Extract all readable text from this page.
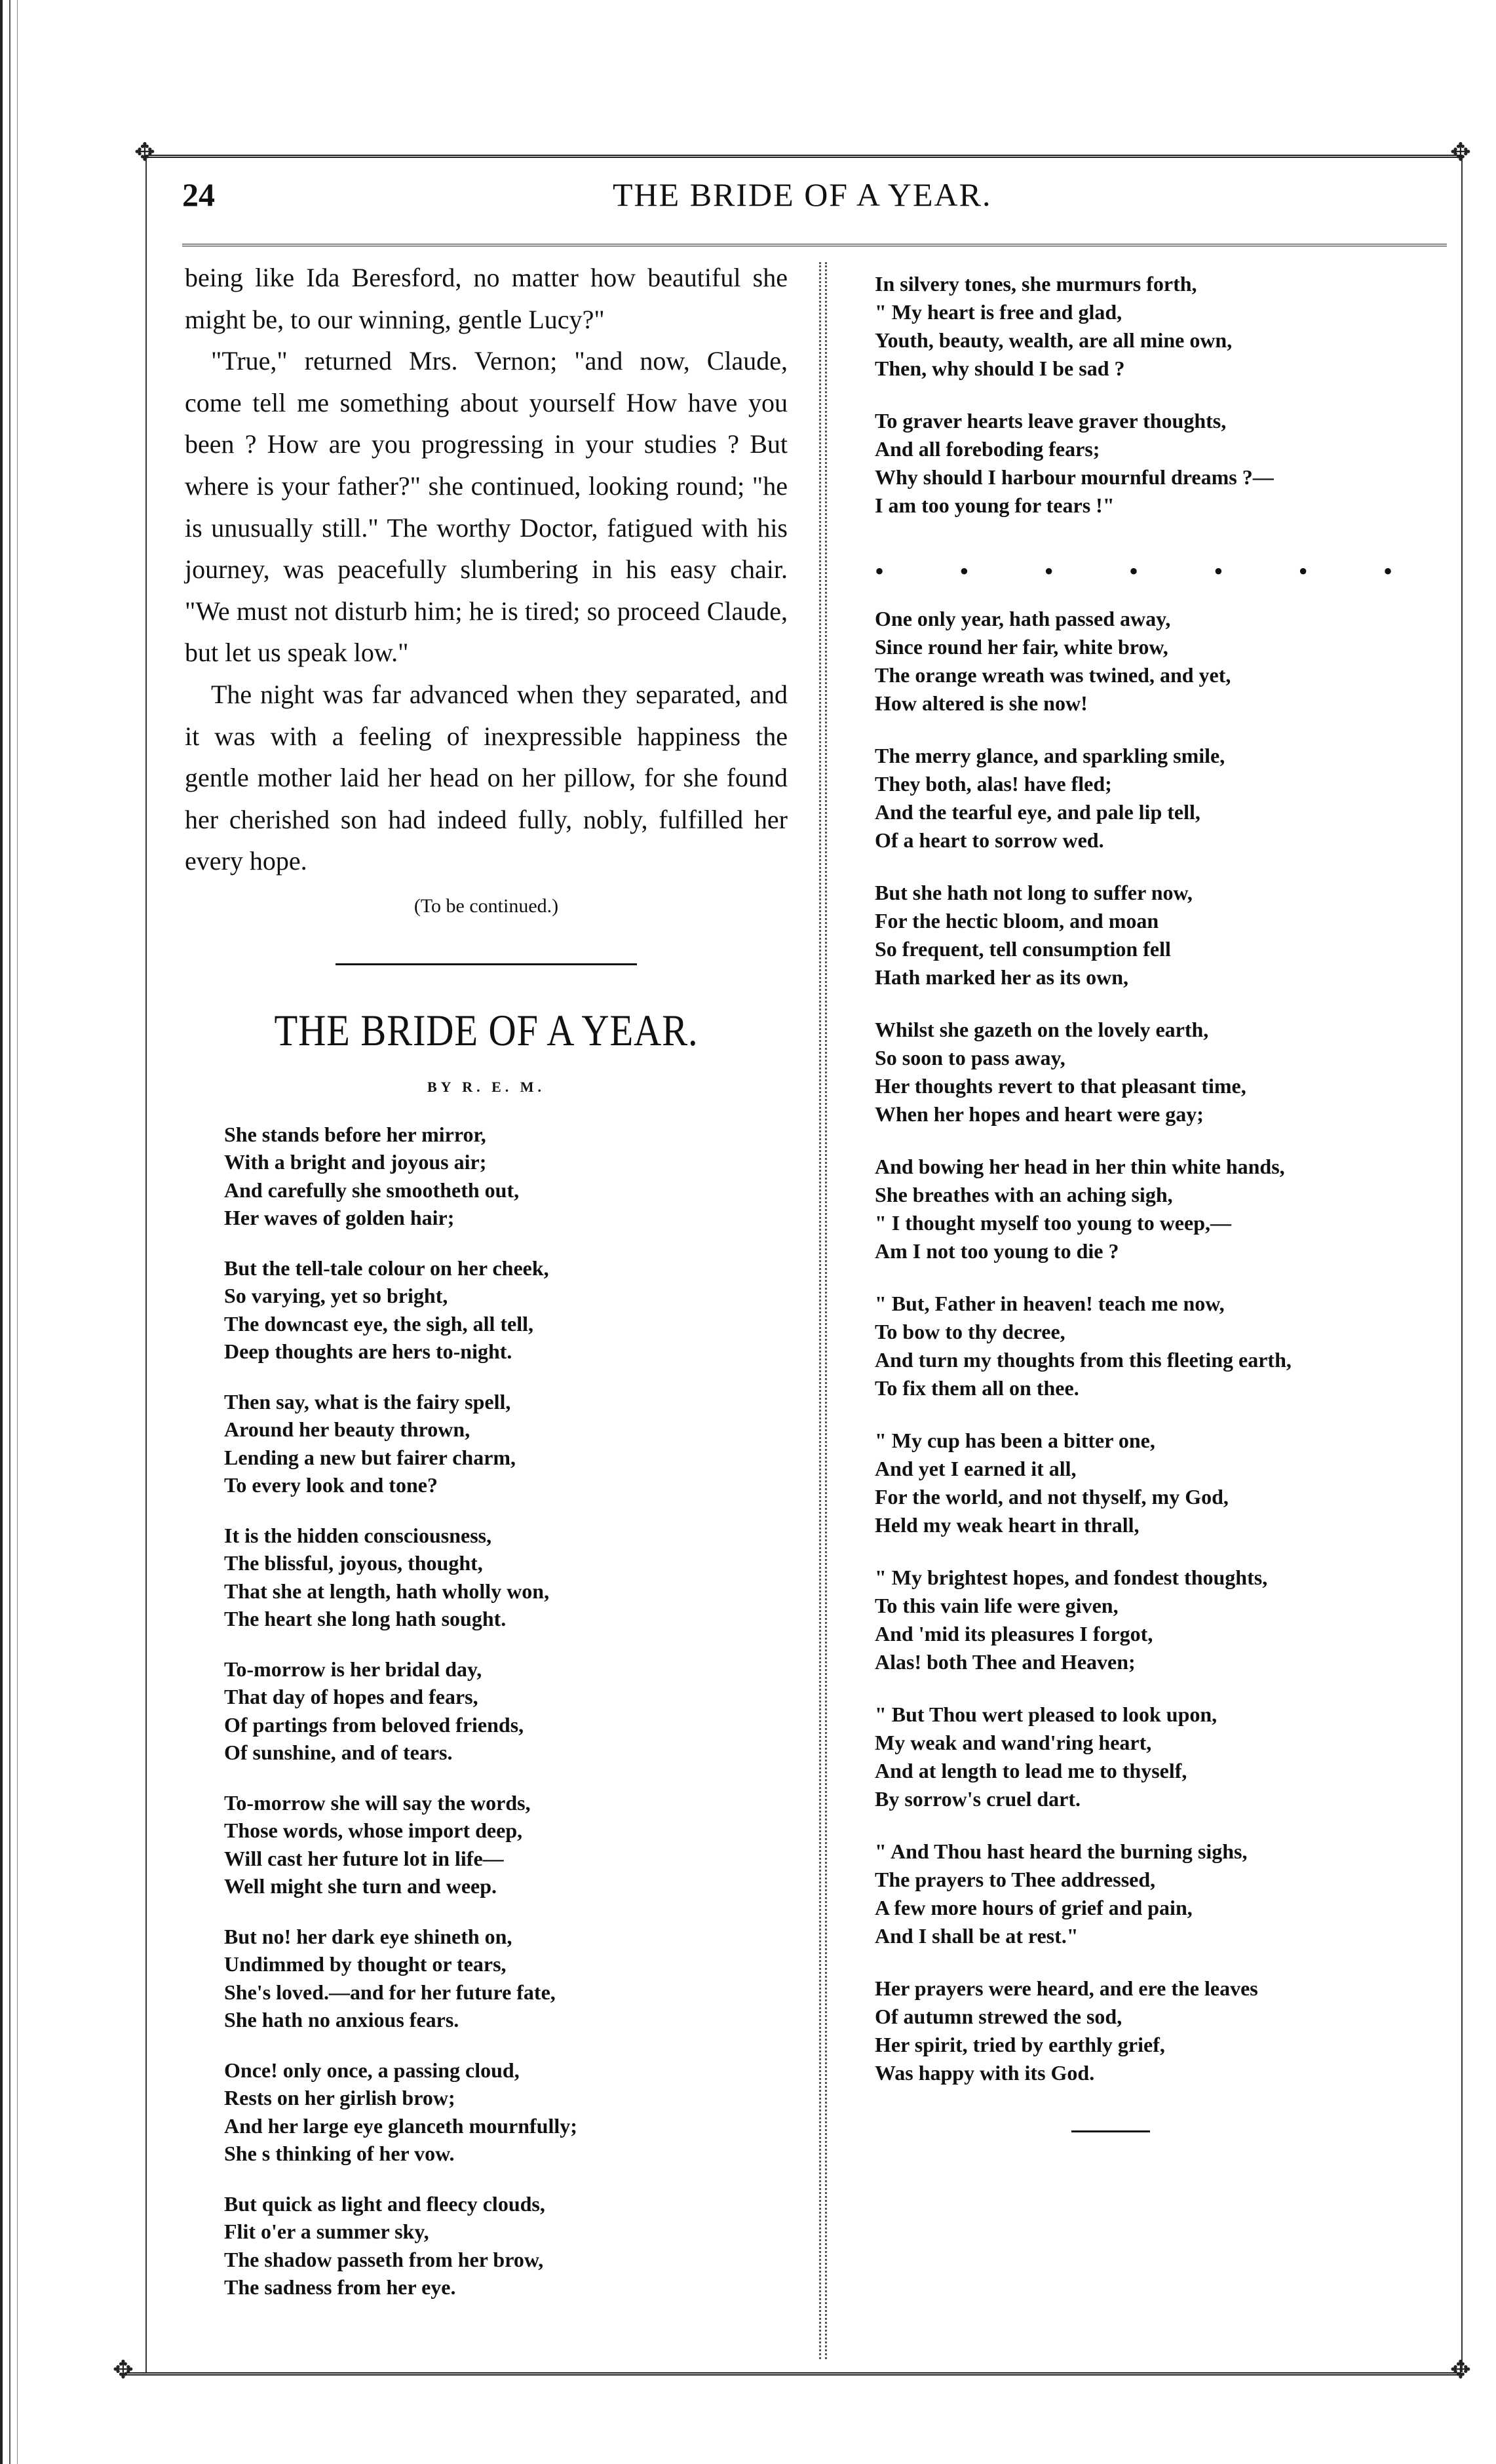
✥	✥
✥	✥
24	THE BRIDE OF A YEAR.

being like Ida Beresford, no matter how beautiful she might be, to our winning, gentle Lucy?"

"True," returned Mrs. Vernon; "and now, Claude, come tell me something about yourself How have you been ? How are you progressing in your studies ? But where is your father?" she continued, looking round; "he is unusually still." The worthy Doctor, fatigued with his journey, was peacefully slumbering in his easy chair. "We must not disturb him; he is tired; so proceed Claude, but let us speak low."

The night was far advanced when they separated, and it was with a feeling of inexpressible happiness the gentle mother laid her head on her pillow, for she found her cherished son had indeed fully, nobly, fulfilled her every hope.

(To be continued.)
THE BRIDE OF A YEAR.
BY R. E. M.
She stands before her mirror,
With a bright and joyous air;
And carefully she smootheth out,
Her waves of golden hair;
But the tell-tale colour on her cheek,
So varying, yet so bright,
The downcast eye, the sigh, all tell,
Deep thoughts are hers to-night.
Then say, what is the fairy spell,
Around her beauty thrown,
Lending a new but fairer charm,
To every look and tone?
It is the hidden consciousness,
The blissful, joyous, thought,
That she at length, hath wholly won,
The heart she long hath sought.
To-morrow is her bridal day,
That day of hopes and fears,
Of partings from beloved friends,
Of sunshine, and of tears.
To-morrow she will say the words,
Those words, whose import deep,
Will cast her future lot in life—
Well might she turn and weep.
But no! her dark eye shineth on,
Undimmed by thought or tears,
She's loved.—and for her future fate,
She hath no anxious fears.
Once! only once, a passing cloud,
Rests on her girlish brow;
And her large eye glanceth mournfully;
She s thinking of her vow.
But quick as light and fleecy clouds,
Flit o'er a summer sky,
The shadow passeth from her brow,
The sadness from her eye.
In silvery tones, she murmurs forth,
" My heart is free and glad,
Youth, beauty, wealth, are all mine own,
Then, why should I be sad ?
To graver hearts leave graver thoughts,
And all foreboding fears;
Why should I harbour mournful dreams ?—
I am too young for tears !"
•	•	•	•	•	•	•
One only year, hath passed away,
Since round her fair, white brow,
The orange wreath was twined, and yet,
How altered is she now!
The merry glance, and sparkling smile,
They both, alas! have fled;
And the tearful eye, and pale lip tell,
Of a heart to sorrow wed.
But she hath not long to suffer now,
For the hectic bloom, and moan
So frequent, tell consumption fell
Hath marked her as its own,
Whilst she gazeth on the lovely earth,
So soon to pass away,
Her thoughts revert to that pleasant time,
When her hopes and heart were gay;
And bowing her head in her thin white hands,
She breathes with an aching sigh,
" I thought myself too young to weep,—
Am I not too young to die ?
" But, Father in heaven! teach me now,
To bow to thy decree,
And turn my thoughts from this fleeting earth,
To fix them all on thee.
" My cup has been a bitter one,
And yet I earned it all,
For the world, and not thyself, my God,
Held my weak heart in thrall,
" My brightest hopes, and fondest thoughts,
To this vain life were given,
And 'mid its pleasures I forgot,
Alas! both Thee and Heaven;
" But Thou wert pleased to look upon,
My weak and wand'ring heart,
And at length to lead me to thyself,
By sorrow's cruel dart.
" And Thou hast heard the burning sighs,
The prayers to Thee addressed,
A few more hours of grief and pain,
And I shall be at rest."
Her prayers were heard, and ere the leaves
Of autumn strewed the sod,
Her spirit, tried by earthly grief,
Was happy with its God.
